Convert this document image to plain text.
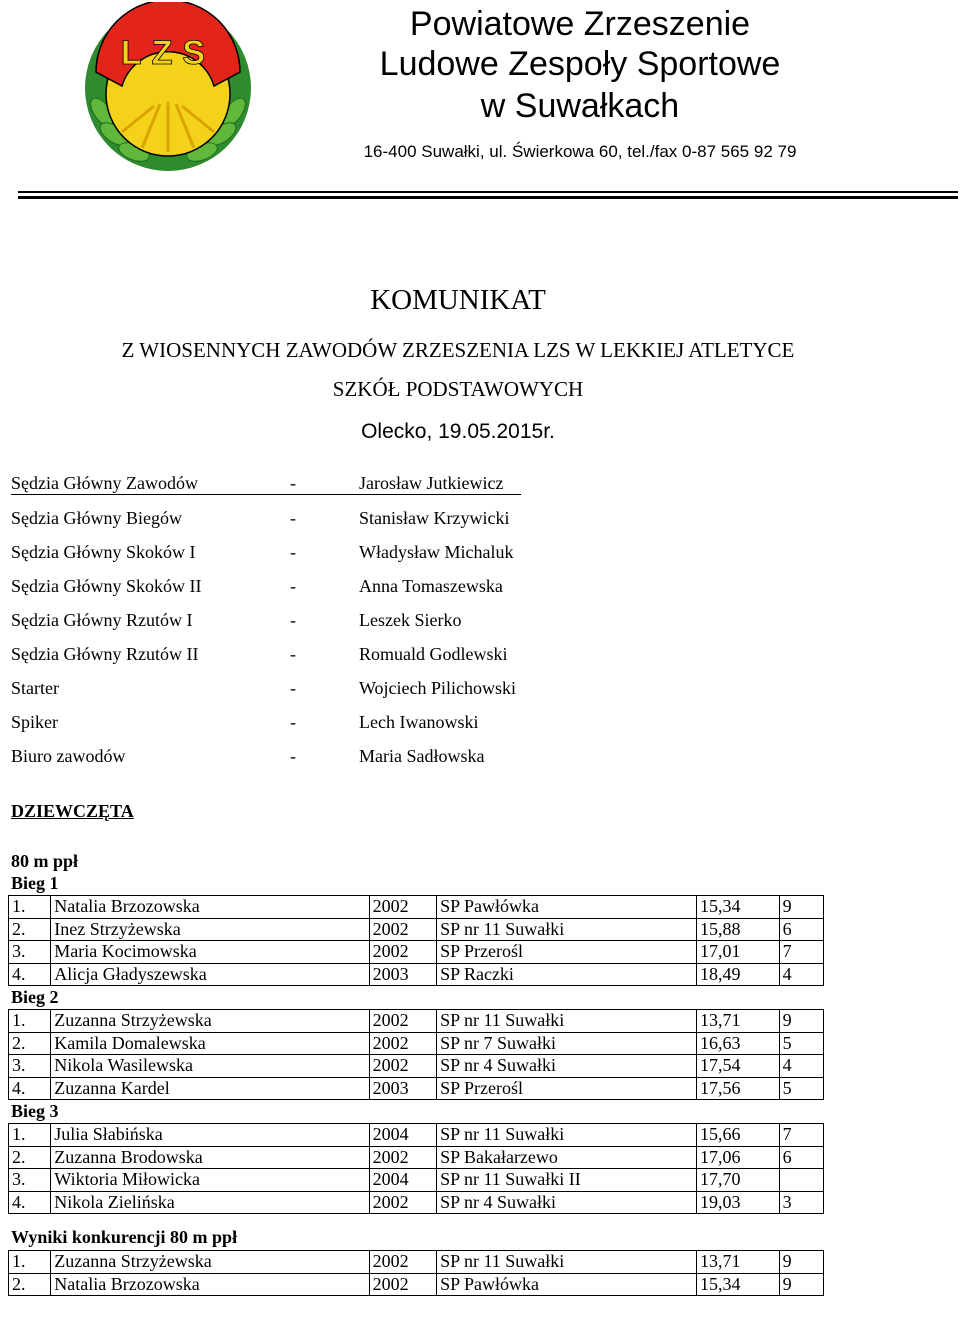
LZS
Powiatowe Zrzeszenie
Ludowe Zespoły Sportowe
w Suwałkach
16-400 Suwałki, ul. Świerkowa 60, tel./fax 0-87 565 92 79
KOMUNIKAT
Z WIOSENNYCH ZAWODÓW ZRZESZENIA LZS W LEKKIEJ ATLETYCE
SZKÓŁ PODSTAWOWYCH
Olecko, 19.05.2015r.
Sędzia Główny Zawodów	-	Jarosław Jutkiewicz
Sędzia Główny Biegów	-	Stanisław Krzywicki
Sędzia Główny Skoków I	-	Władysław Michaluk
Sędzia Główny Skoków II	-	Anna Tomaszewska
Sędzia Główny Rzutów I	-	Leszek Sierko
Sędzia Główny Rzutów II	-	Romuald Godlewski
Starter	-	Wojciech Pilichowski
Spiker	-	Lech Iwanowski
Biuro zawodów	-	Maria Sadłowska
DZIEWCZĘTA
80 m ppł
Bieg 1
1.	Natalia Brzozowska	2002	SP Pawłówka	15,34	9
2.	Inez Strzyżewska	2002	SP nr 11 Suwałki	15,88	6
3.	Maria Kocimowska	2002	SP Przerośl	17,01	7
4.	Alicja Gładyszewska	2003	SP Raczki	18,49	4
Bieg 2
1.	Zuzanna Strzyżewska	2002	SP nr 11 Suwałki	13,71	9
2.	Kamila Domalewska	2002	SP nr 7 Suwałki	16,63	5
3.	Nikola Wasilewska	2002	SP nr 4 Suwałki	17,54	4
4.	Zuzanna Kardel	2003	SP Przerośl	17,56	5
Bieg 3
1.	Julia Słabińska	2004	SP nr 11 Suwałki	15,66	7
2.	Zuzanna Brodowska	2002	SP Bakałarzewo	17,06	6
3.	Wiktoria Miłowicka	2004	SP nr 11 Suwałki II	17,70	
4.	Nikola Zielińska	2002	SP nr 4 Suwałki	19,03	3
Wyniki konkurencji 80 m ppł
1.	Zuzanna Strzyżewska	2002	SP nr 11 Suwałki	13,71	9
2.	Natalia Brzozowska	2002	SP Pawłówka	15,34	9
